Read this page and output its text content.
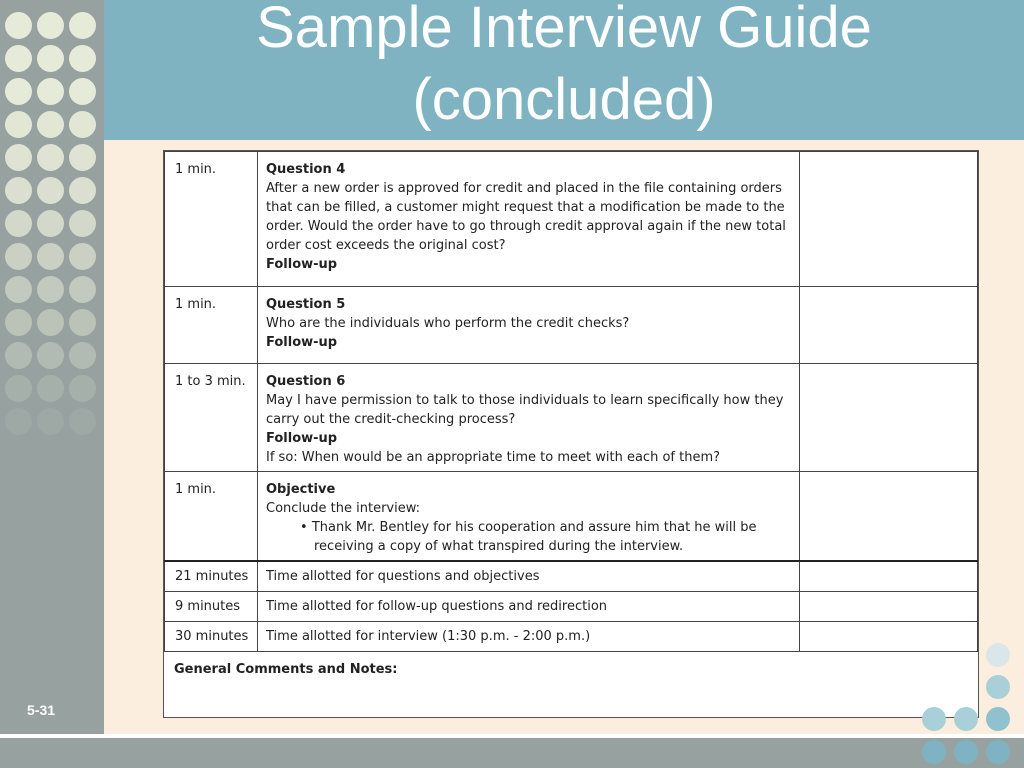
Sample Interview Guide
(concluded)
1 min.	Question 4
After a new order is approved for credit and placed in the file containing orders that can be filled, a customer might request that a modification be made to the order. Would the order have to go through credit approval again if the new total order cost exceeds the original cost?
Follow-up	

1 min.	Question 5
Who are the individuals who perform the credit checks?
Follow-up	

1 to 3 min.	Question 6
May I have permission to talk to those individuals to learn specifically how they carry out the credit-checking process?
Follow-up
If so: When would be an appropriate time to meet with each of them?	

1 min.	Objective
Conclude the interview:
• Thank Mr. Bentley for his cooperation and assure him that he will be receiving a copy of what transpired during the interview.	

21 minutes	Time allotted for questions and objectives	
9 minutes	Time allotted for follow-up questions and redirection	
30 minutes	Time allotted for interview (1:30 p.m. - 2:00 p.m.)	
General Comments and Notes:
5-31
